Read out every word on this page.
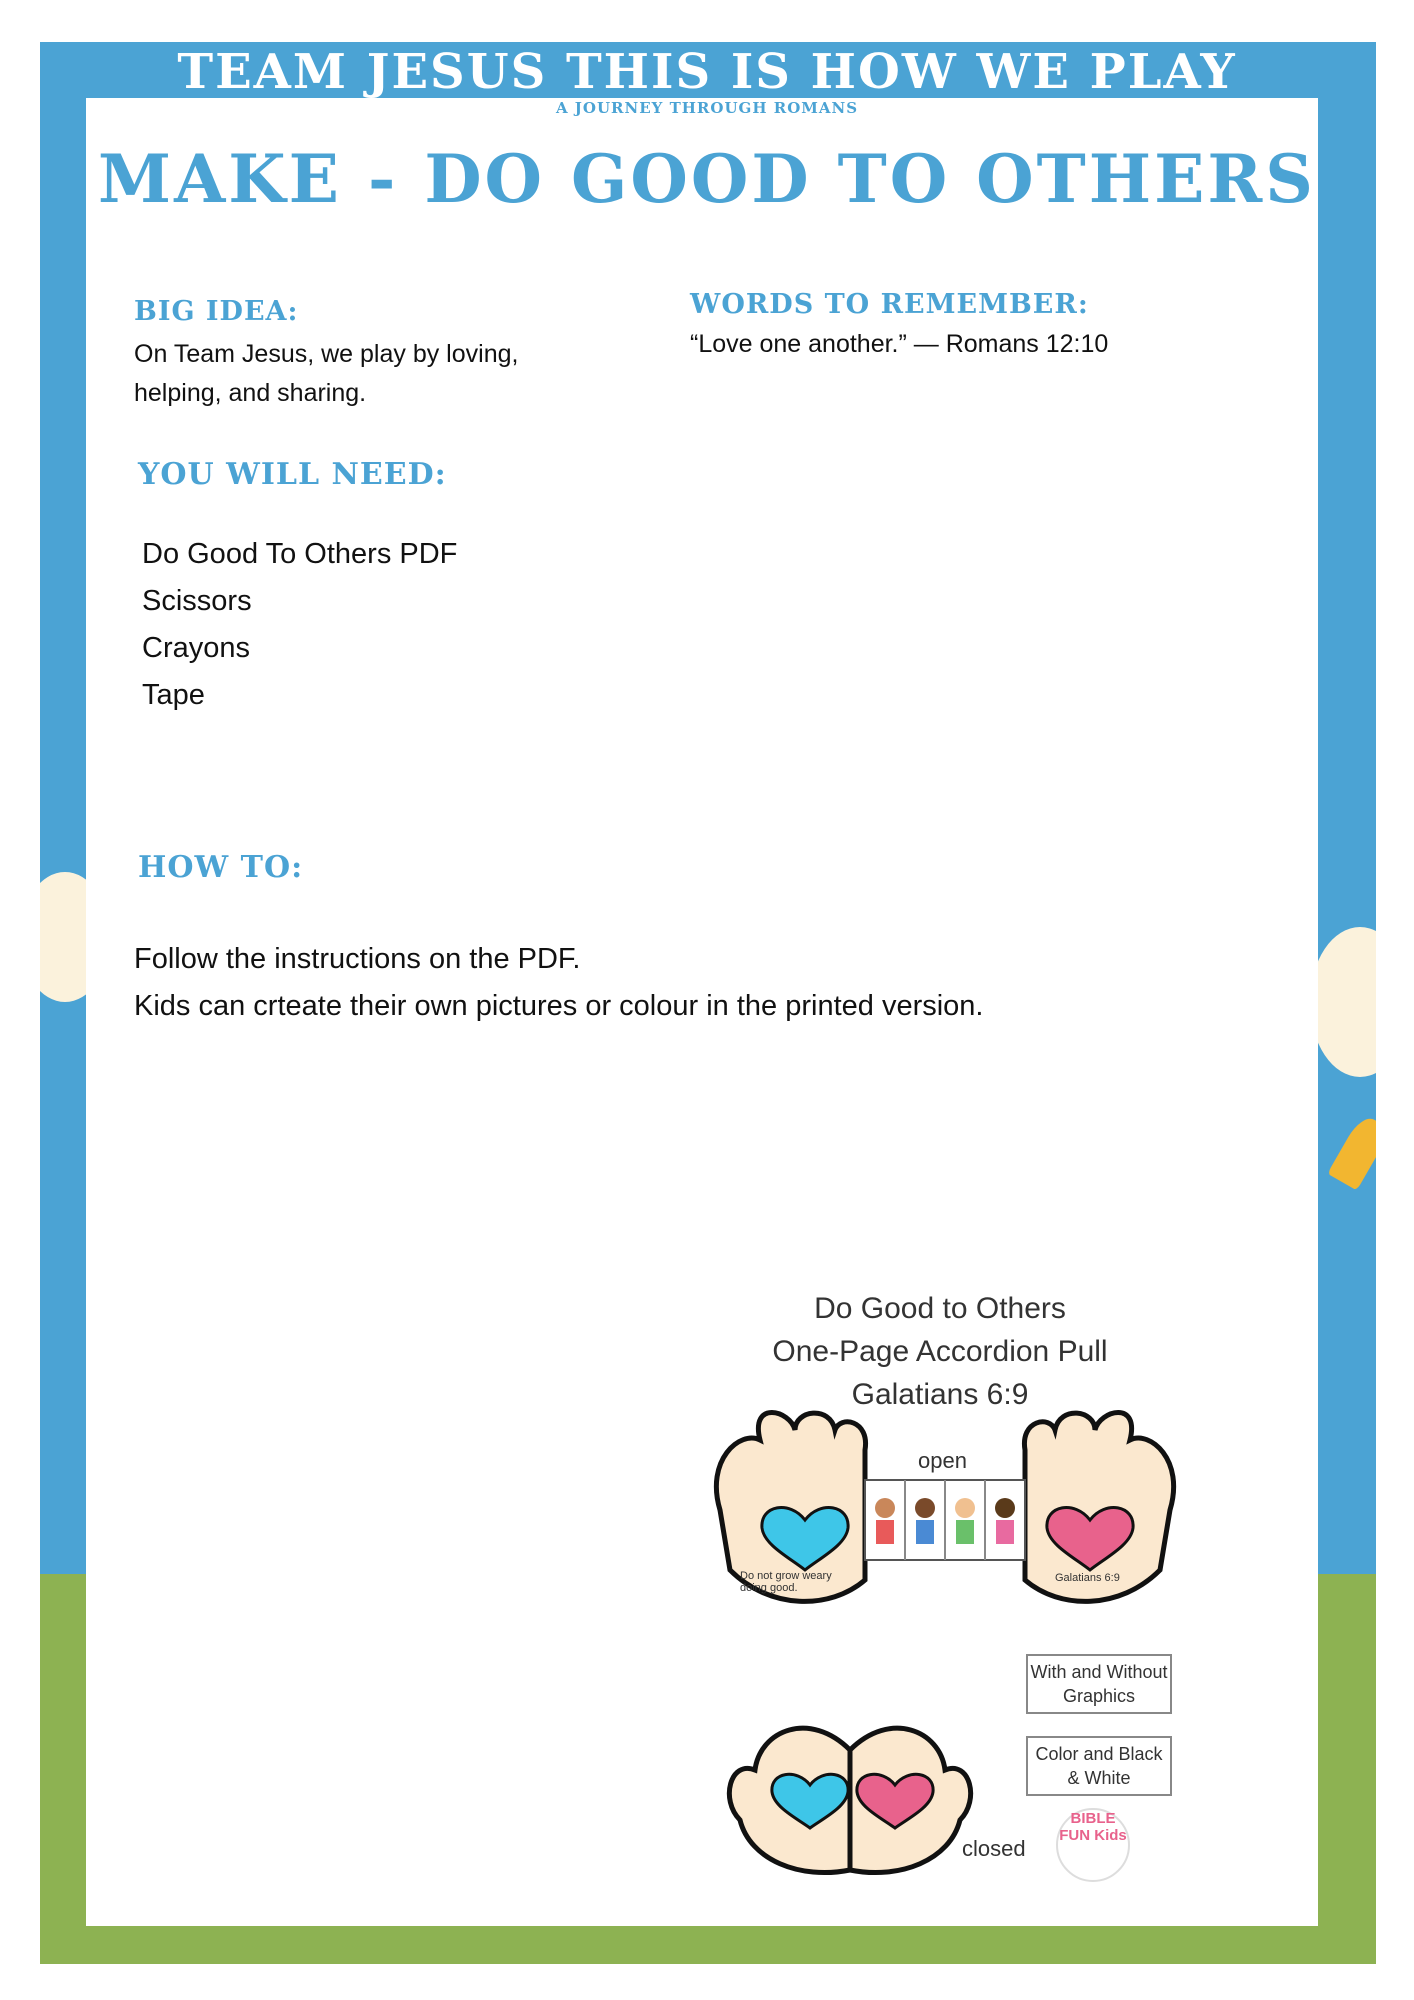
TEAM JESUS THIS IS HOW WE PLAY
A JOURNEY THROUGH ROMANS
MAKE - DO GOOD TO OTHERS
BIG IDEA:
On Team Jesus, we play by loving, helping, and sharing.
WORDS TO REMEMBER:
“Love one another.” — Romans 12:10
YOU WILL NEED:
Do Good To Others PDF
Scissors
Crayons
Tape
HOW TO:
Follow the instructions on the PDF.
Kids can crteate their own pictures or colour in the printed version.
Do Good to Others
One-Page Accordion Pull
Galatians 6:9
open
closed
Do not grow weary doing good.
Galatians 6:9
With and Without Graphics
Color and Black & White
BIBLE FUN Kids
